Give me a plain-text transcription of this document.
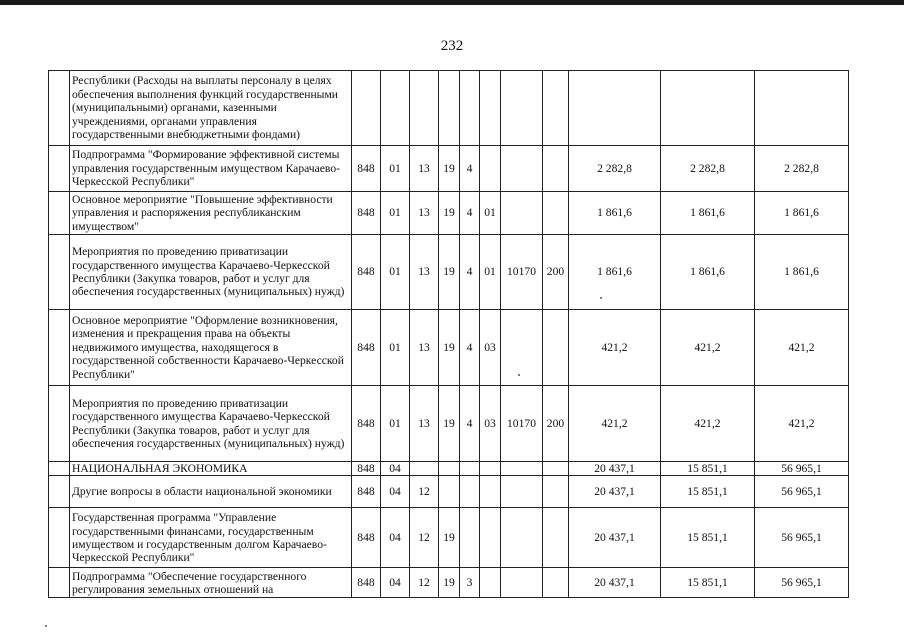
232
	Республики (Расходы на выплаты персоналу в целях обеспечения выполнения функций государственными (муниципальными) органами, казенными учреждениями, органами управления государственными внебюджетными фондами)											
	Подпрограмма "Формирование эффективной системы управления государственным имуществом Карачаево-Черкесской Республики"	848	01	13	19	4				2 282,8	2 282,8	2 282,8
	Основное мероприятие "Повышение эффективности управления и распоряжения республиканским имуществом"	848	01	13	19	4	01			1 861,6	1 861,6	1 861,6
	Мероприятия по проведению приватизации государственного имущества Карачаево-Черкесской Республики (Закупка товаров, работ и услуг для обеспечения государственных (муниципальных) нужд)	848	01	13	19	4	01	10170	200	1 861,6	1 861,6	1 861,6
	Основное мероприятие "Оформление возникновения, изменения и прекращения права на объекты недвижимого имущества, находящегося в государственной собственности Карачаево-Черкесской Республики"	848	01	13	19	4	03			421,2	421,2	421,2
	Мероприятия по проведению приватизации государственного имущества Карачаево-Черкесской Республики (Закупка товаров, работ и услуг для обеспечения государственных (муниципальных) нужд)	848	01	13	19	4	03	10170	200	421,2	421,2	421,2
	НАЦИОНАЛЬНАЯ ЭКОНОМИКА	848	04							20 437,1	15 851,1	56 965,1
	Другие вопросы в области национальной экономики	848	04	12						20 437,1	15 851,1	56 965,1
	Государственная программа "Управление государственными финансами, государственным имуществом и государственным долгом Карачаево-Черкесской Республики"	848	04	12	19					20 437,1	15 851,1	56 965,1
	Подпрограмма "Обеспечение государственного регулирования земельных отношений на	848	04	12	19	3				20 437,1	15 851,1	56 965,1
